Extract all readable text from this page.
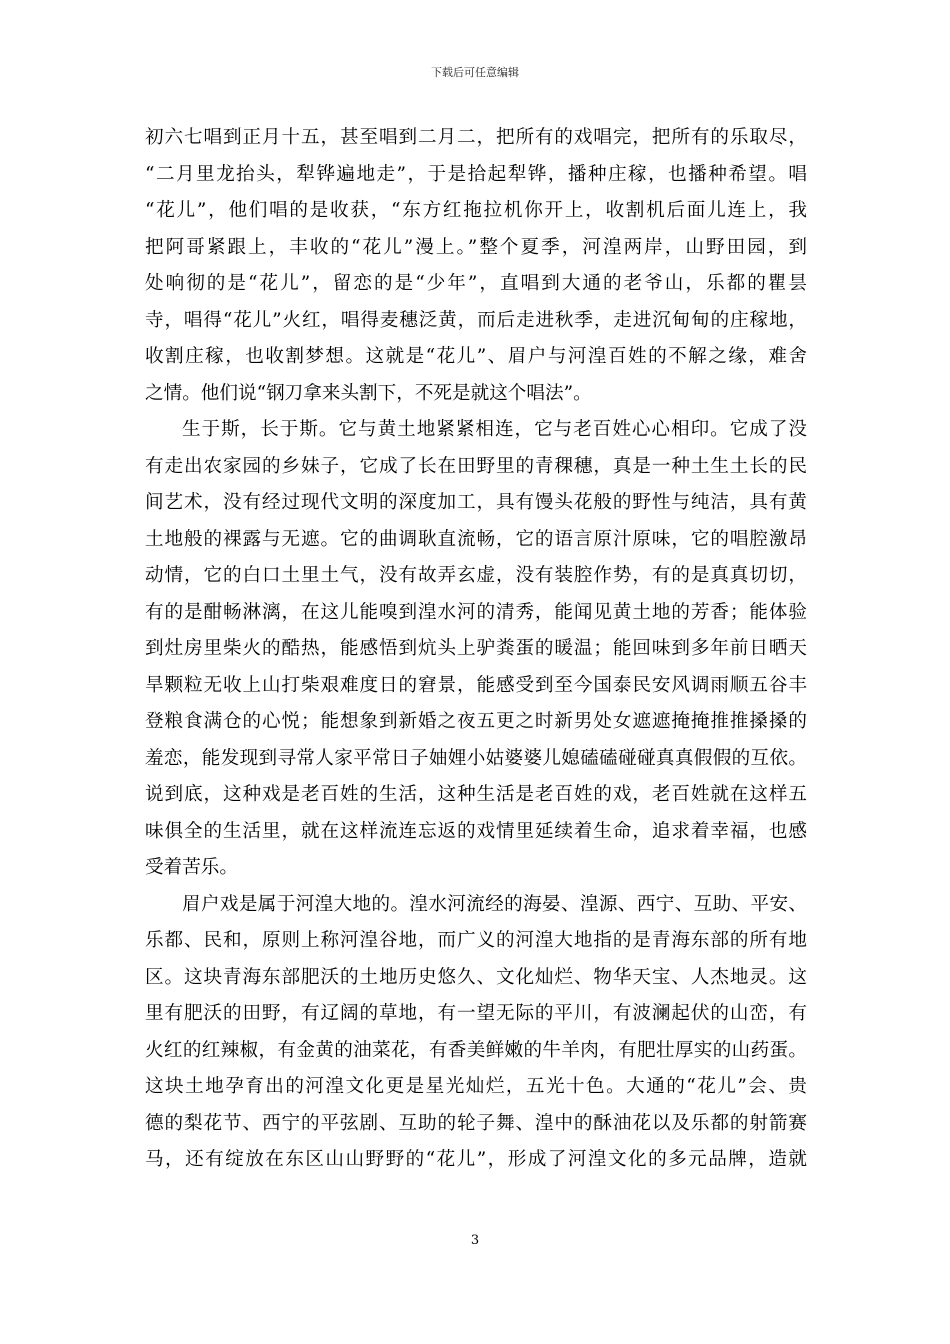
下载后可任意编辑
初六七唱到正月十五，甚至唱到二月二，把所有的戏唱完，把所有的乐取尽，
“二月里龙抬头，犁铧遍地走”，于是拾起犁铧，播种庄稼，也播种希望。唱
“花儿”，他们唱的是收获，“东方红拖拉机你开上，收割机后面儿连上，我
把阿哥紧跟上，丰收的“花儿”漫上。”整个夏季，河湟两岸，山野田园，到
处响彻的是“花儿”，留恋的是“少年”，直唱到大通的老爷山，乐都的瞿昙
寺，唱得“花儿”火红，唱得麦穗泛黄，而后走进秋季，走进沉甸甸的庄稼地，
收割庄稼，也收割梦想。这就是“花儿”、眉户与河湟百姓的不解之缘，难舍
之情。他们说“钢刀拿来头割下，不死是就这个唱法”。
生于斯，长于斯。它与黄土地紧紧相连，它与老百姓心心相印。它成了没
有走出农家园的乡妹子，它成了长在田野里的青稞穗，真是一种土生土长的民
间艺术，没有经过现代文明的深度加工，具有馒头花般的野性与纯洁，具有黄
土地般的裸露与无遮。它的曲调耿直流畅，它的语言原汁原味，它的唱腔激昂
动情，它的白口土里土气，没有故弄玄虚，没有装腔作势，有的是真真切切，
有的是酣畅淋漓，在这儿能嗅到湟水河的清秀，能闻见黄土地的芳香；能体验
到灶房里柴火的酷热，能感悟到炕头上驴粪蛋的暖温；能回味到多年前日晒天
旱颗粒无收上山打柴艰难度日的窘景，能感受到至今国泰民安风调雨顺五谷丰
登粮食满仓的心悦；能想象到新婚之夜五更之时新男处女遮遮掩掩推推搡搡的
羞恋，能发现到寻常人家平常日子妯娌小姑婆婆儿媳磕磕碰碰真真假假的互依。
说到底，这种戏是老百姓的生活，这种生活是老百姓的戏，老百姓就在这样五
味俱全的生活里，就在这样流连忘返的戏情里延续着生命，追求着幸福，也感
受着苦乐。
眉户戏是属于河湟大地的。湟水河流经的海晏、湟源、西宁、互助、平安、
乐都、民和，原则上称河湟谷地，而广义的河湟大地指的是青海东部的所有地
区。这块青海东部肥沃的土地历史悠久、文化灿烂、物华天宝、人杰地灵。这
里有肥沃的田野，有辽阔的草地，有一望无际的平川，有波澜起伏的山峦，有
火红的红辣椒，有金黄的油菜花，有香美鲜嫩的牛羊肉，有肥壮厚实的山药蛋。
这块土地孕育出的河湟文化更是星光灿烂，五光十色。大通的“花儿”会、贵
德的梨花节、西宁的平弦剧、互助的轮子舞、湟中的酥油花以及乐都的射箭赛
马，还有绽放在东区山山野野的“花儿”，形成了河湟文化的多元品牌，造就
3
